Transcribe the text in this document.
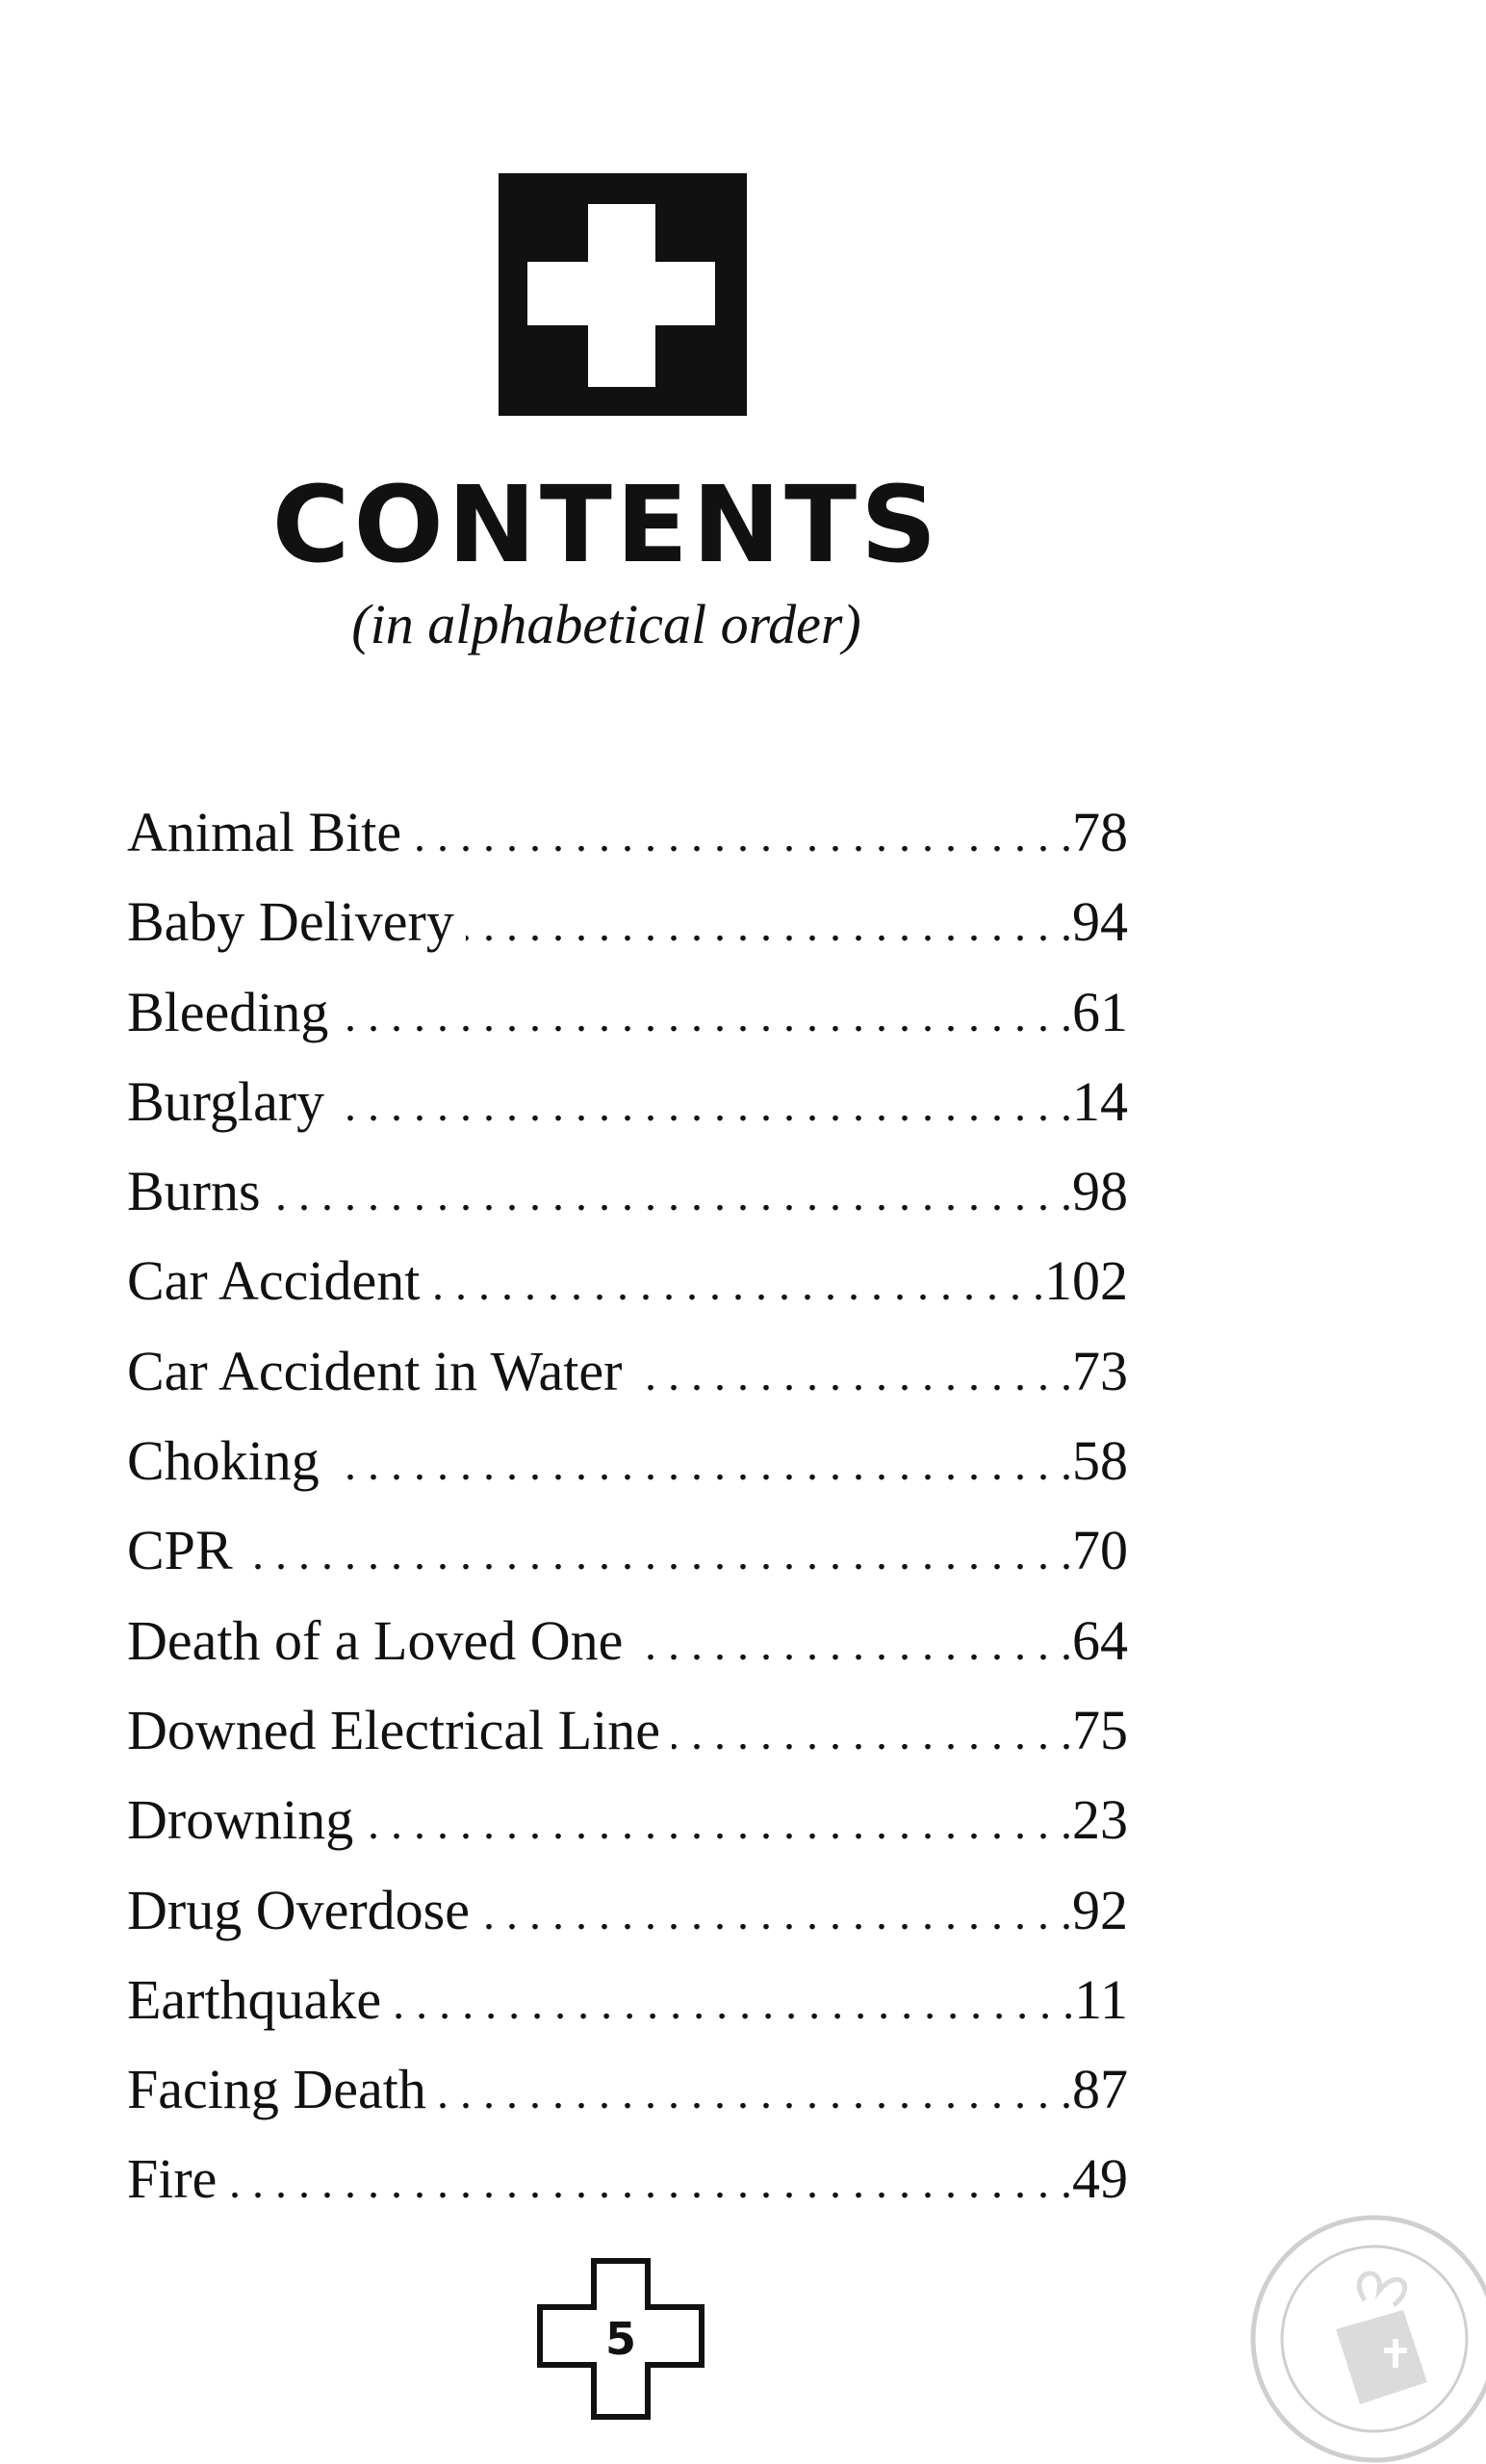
CONTENTS
(in alphabetical order)
Animal Bite . . .	78
Baby Delivery . . .	94
Bleeding . . .	61
Burglary . . .	14
Burns . . .	98
Car Accident . . .	102
Car Accident in Water . . .	73
Choking . . .	58
CPR . . .	70
Death of a Loved One . . .	64
Downed Electrical Line . . .	75
Drowning . . .	23
Drug Overdose . . .	92
Earthquake . . .	11
Facing Death . . .	87
Fire . . .	49
5
